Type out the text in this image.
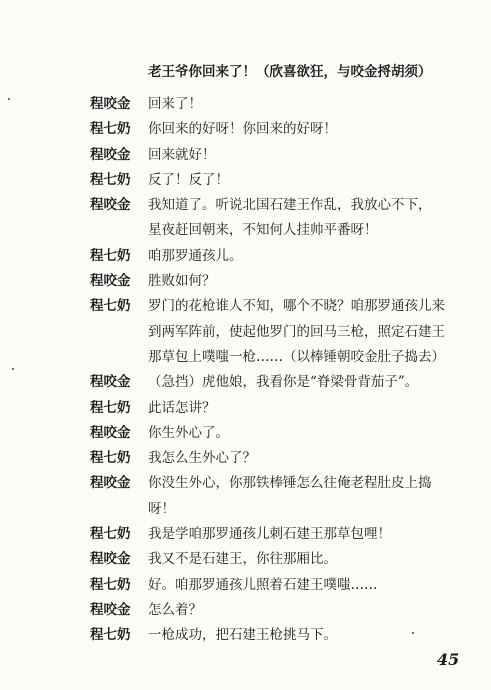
老王爷你回来了！（欣喜欲狂，与咬金捋胡须）
程咬金	回来了！
程七奶	你回来的好呀！你回来的好呀！
程咬金	回来就好！
程七奶	反了！反了！
程咬金	我知道了。听说北国石建王作乱，我放心不下，
星夜赶回朝来，不知何人挂帅平番呀！
程七奶	咱那罗通孩儿。
程咬金	胜败如何？
程七奶	罗门的花枪谁人不知，哪个不晓？咱那罗通孩儿来
到两军阵前，使起他罗门的回马三枪，照定石建王
那草包上噗嗤一枪……（以棒锤朝咬金肚子捣去）
程咬金	（急挡）虎他娘，我看你是“脊梁骨背茄子”。
程七奶	此话怎讲？
程咬金	你生外心了。
程七奶	我怎么生外心了？
程咬金	你没生外心，你那铁棒锤怎么往俺老程肚皮上捣
呀！
程七奶	我是学咱那罗通孩儿刺石建王那草包哩！
程咬金	我又不是石建王，你往那厢比。
程七奶	好。咱那罗通孩儿照着石建王噗嗤……
程咬金	怎么着？
程七奶	一枪成功，把石建王枪挑马下。
45
